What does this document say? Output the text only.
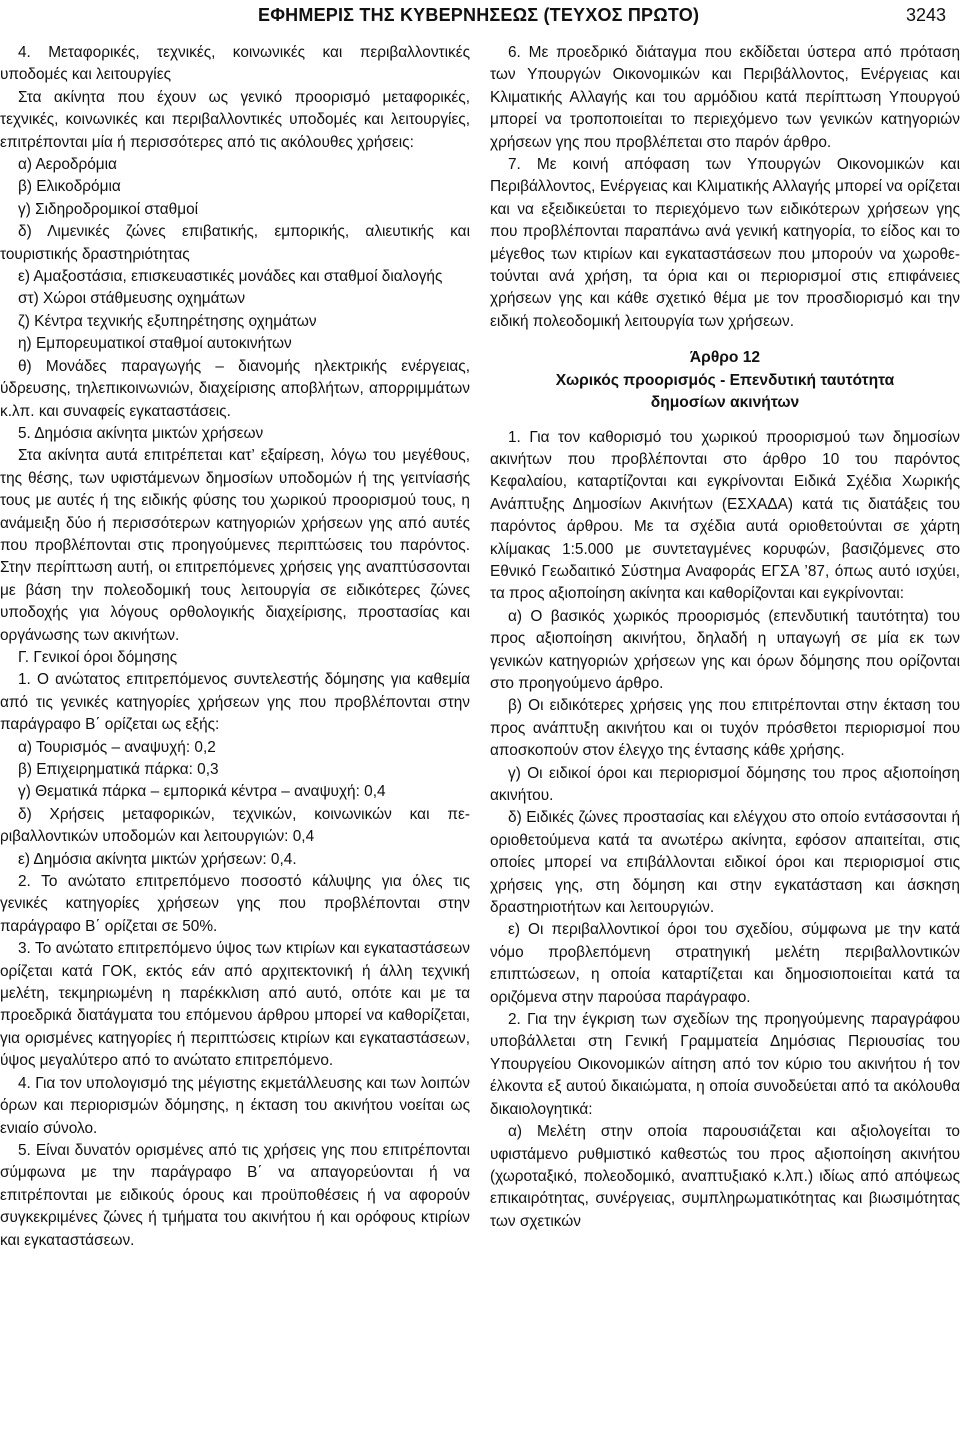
ΕΦΗΜΕΡΙΣ ΤΗΣ ΚΥΒΕΡΝΗΣΕΩΣ (ΤΕΥΧΟΣ ΠΡΩΤΟ)	3243

4. Μεταφορικές, τεχνικές, κοινωνικές και περιβαλλοντικές υποδομές και λειτουργίες

Στα ακίνητα που έχουν ως γενικό προορισμό μεταφορικές, τεχνικές, κοινωνικές και περιβαλλοντικές υποδομές και λειτουργίες, επιτρέπονται μία ή περισσότερες από τις ακόλουθες χρήσεις:

α) Αεροδρόμια

β) Ελικοδρόμια

γ) Σιδηροδρομικοί σταθμοί

δ) Λιμενικές ζώνες επιβατικής, εμπορικής, αλιευτικής και τουριστικής δραστηριότητας

ε) Αμαξοστάσια, επισκευαστικές μονάδες και σταθμοί διαλογής

στ) Χώροι στάθμευσης οχημάτων

ζ) Κέντρα τεχνικής εξυπηρέτησης οχημάτων

η) Εμπορευματικοί σταθμοί αυτοκινήτων

θ) Μονάδες παραγωγής – διανομής ηλεκτρικής ενέργειας, ύδρευσης, τηλεπικοινωνιών, διαχείρισης αποβλήτων, απορριμμάτων κ.λπ. και συναφείς εγκαταστάσεις.

5. Δημόσια ακίνητα μικτών χρήσεων

Στα ακίνητα αυτά επιτρέπεται κατ’ εξαίρεση, λόγω του μεγέθους, της θέσης, των υφιστάμενων δημοσίων υποδομών ή της γειτνίασής τους με αυτές ή της ειδικής φύσης του χωρικού προορισμού τους, η ανάμειξη δύο ή περισσότερων κατηγοριών χρήσεων γης από αυτές που προβλέπονται στις προηγούμενες περιπτώσεις του παρόντος. Στην περίπτωση αυτή, οι επιτρεπόμενες χρήσεις γης αναπτύσσονται με βάση την πολεοδομική τους λειτουργία σε ειδικότερες ζώνες υποδοχής για λόγους ορθολογικής διαχείρισης, προστασίας και οργάνωσης των ακινήτων.

Γ. Γενικοί όροι δόμησης

1. Ο ανώτατος επιτρεπόμενος συντελεστής δόμησης για καθεμία από τις γενικές κατηγορίες χρήσεων γης που προβλέπονται στην παράγραφο Β΄ ορίζεται ως εξής:

α) Τουρισμός – αναψυχή: 0,2

β) Επιχειρηματικά πάρκα: 0,3

γ) Θεματικά πάρκα – εμπορικά κέντρα – αναψυχή: 0,4

δ) Χρήσεις μεταφορικών, τεχνικών, κοινωνικών και περιβαλλοντικών υποδομών και λειτουργιών: 0,4

ε) Δημόσια ακίνητα μικτών χρήσεων: 0,4.

2. Το ανώτατο επιτρεπόμενο ποσοστό κάλυψης για όλες τις γενικές κατηγορίες χρήσεων γης που προβλέπονται στην παράγραφο Β΄ ορίζεται σε 50%.

3. Το ανώτατο επιτρεπόμενο ύψος των κτιρίων και εγκαταστάσεων ορίζεται κατά ΓΟΚ, εκτός εάν από αρχιτεκτονική ή άλλη τεχνική μελέτη, τεκμηριωμένη η παρέκκλιση από αυτό, οπότε και με τα προεδρικά διατάγματα του επόμενου άρθρου μπορεί να καθορίζεται, για ορισμένες κατηγορίες ή περιπτώσεις κτιρίων και εγκαταστάσεων, ύψος μεγαλύτερο από το ανώτατο επιτρεπόμενο.

4. Για τον υπολογισμό της μέγιστης εκμετάλλευσης και των λοιπών όρων και περιορισμών δόμησης, η έκταση του ακινήτου νοείται ως ενιαίο σύνολο.

5. Είναι δυνατόν ορισμένες από τις χρήσεις γης που επιτρέπονται σύμφωνα με την παράγραφο Β΄ να απαγορεύονται ή να επιτρέπονται με ειδικούς όρους και προϋποθέσεις ή να αφορούν συγκεκριμένες ζώνες ή τμήματα του ακινήτου ή και ορόφους κτιρίων και εγκαταστάσεων.

6. Με προεδρικό διάταγμα που εκδίδεται ύστερα από πρόταση των Υπουργών Οικονομικών και Περιβάλλοντος, Ενέργειας και Κλιματικής Αλλαγής και του αρμόδιου κατά περίπτωση Υπουργού μπορεί να τροποποιείται το περιεχόμενο των γενικών κατηγοριών χρήσεων γης που προβλέπεται στο παρόν άρθρο.

7. Με κοινή απόφαση των Υπουργών Οικονομικών και Περιβάλλοντος, Ενέργειας και Κλιματικής Αλλαγής μπορεί να ορίζεται και να εξειδικεύεται το περιεχόμενο των ειδικότερων χρήσεων γης που προβλέπονται παραπάνω ανά γενική κατηγορία, το είδος και το μέγεθος των κτιρίων και εγκαταστάσεων που μπορούν να χωροθετούνται ανά χρήση, τα όρια και οι περιορισμοί στις επιφάνειες χρήσεων γης και κάθε σχετικό θέμα με τον προσδιορισμό και την ειδική πολεοδομική λειτουργία των χρήσεων.

Άρθρο 12

Χωρικός προορισμός - Επενδυτική ταυτότητα δημοσίων ακινήτων

1. Για τον καθορισμό του χωρικού προορισμού των δημοσίων ακινήτων που προβλέπονται στο άρθρο 10 του παρόντος Κεφαλαίου, καταρτίζονται και εγκρίνονται Ειδικά Σχέδια Χωρικής Ανάπτυξης Δημοσίων Ακινήτων (ΕΣΧΑΔΑ) κατά τις διατάξεις του παρόντος άρθρου. Με τα σχέδια αυτά οριοθετούνται σε χάρτη κλίμακας 1:5.000 με συντεταγμένες κορυφών, βασιζόμενες στο Εθνικό Γεωδαιτικό Σύστημα Αναφοράς ΕΓΣΑ ’87, όπως αυτό ισχύει, τα προς αξιοποίηση ακίνητα και καθορίζονται και εγκρίνονται:

α) Ο βασικός χωρικός προορισμός (επενδυτική ταυτότητα) του προς αξιοποίηση ακινήτου, δηλαδή η υπαγωγή σε μία εκ των γενικών κατηγοριών χρήσεων γης και όρων δόμησης που ορίζονται στο προηγούμενο άρθρο.

β) Οι ειδικότερες χρήσεις γης που επιτρέπονται στην έκταση του προς ανάπτυξη ακινήτου και οι τυχόν πρόσθετοι περιορισμοί που αποσκοπούν στον έλεγχο της έντασης κάθε χρήσης.

γ) Οι ειδικοί όροι και περιορισμοί δόμησης του προς αξιοποίηση ακινήτου.

δ) Ειδικές ζώνες προστασίας και ελέγχου στο οποίο εντάσσονται ή οριοθετούμενα κατά τα ανωτέρω ακίνητα, εφόσον απαιτείται, στις οποίες μπορεί να επιβάλλονται ειδικοί όροι και περιορισμοί στις χρήσεις γης, στη δόμηση και στην εγκατάσταση και άσκηση δραστηριοτήτων και λειτουργιών.

ε) Οι περιβαλλοντικοί όροι του σχεδίου, σύμφωνα με την κατά νόμο προβλεπόμενη στρατηγική μελέτη περιβαλλοντικών επιπτώσεων, η οποία καταρτίζεται και δημοσιοποιείται κατά τα οριζόμενα στην παρούσα παράγραφο.

2. Για την έγκριση των σχεδίων της προηγούμενης παραγράφου υποβάλλεται στη Γενική Γραμματεία Δημόσιας Περιουσίας του Υπουργείου Οικονομικών αίτηση από τον κύριο του ακινήτου ή τον έλκοντα εξ αυτού δικαιώματα, η οποία συνοδεύεται από τα ακόλουθα δικαιολογητικά:

α) Μελέτη στην οποία παρουσιάζεται και αξιολογείται το υφιστάμενο ρυθμιστικό καθεστώς του προς αξιοποίηση ακινήτου (χωροταξικό, πολεοδομικό, αναπτυξιακό κ.λπ.) ιδίως από απόψεως επικαιρότητας, συνέργειας, συμπληρωματικότητας και βιωσιμότητας των σχετικών
